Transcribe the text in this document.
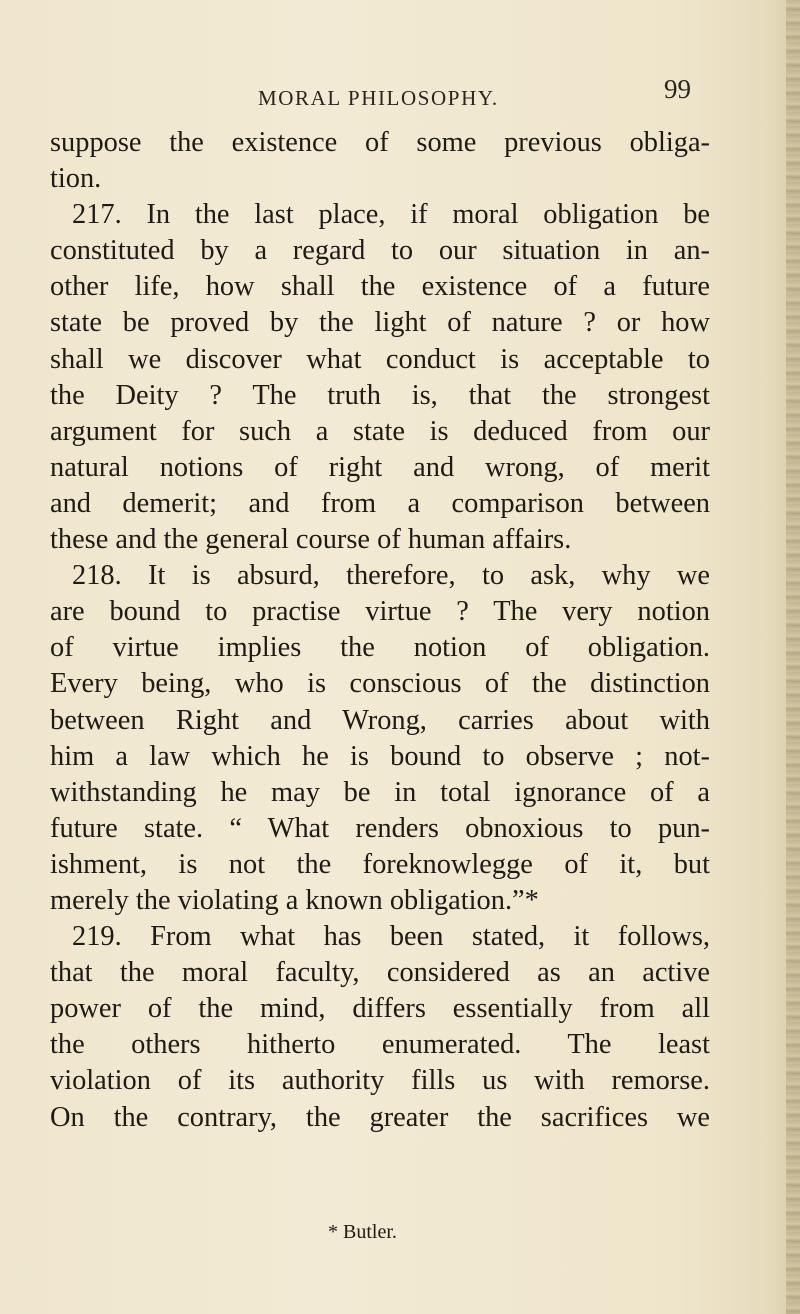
MORAL PHILOSOPHY.	99
suppose the existence of some previous obliga-
tion.
217. In the last place, if moral obligation be
constituted by a regard to our situation in an-
other life, how shall the existence of a future
state be proved by the light of nature ? or how
shall we discover what conduct is acceptable to
the Deity ? The truth is, that the strongest
argument for such a state is deduced from our
natural notions of right and wrong, of merit
and demerit; and from a comparison between
these and the general course of human affairs.
218. It is absurd, therefore, to ask, why we
are bound to practise virtue ? The very notion
of virtue implies the notion of obligation.
Every being, who is conscious of the distinction
between Right and Wrong, carries about with
him a law which he is bound to observe ; not-
withstanding he may be in total ignorance of a
future state. “ What renders obnoxious to pun-
ishment, is not the foreknowlegge of it, but
merely the violating a known obligation.”*
219. From what has been stated, it follows,
that the moral faculty, considered as an active
power of the mind, differs essentially from all
the others hitherto enumerated. The least
violation of its authority fills us with remorse.
On the contrary, the greater the sacrifices we
* Butler.
